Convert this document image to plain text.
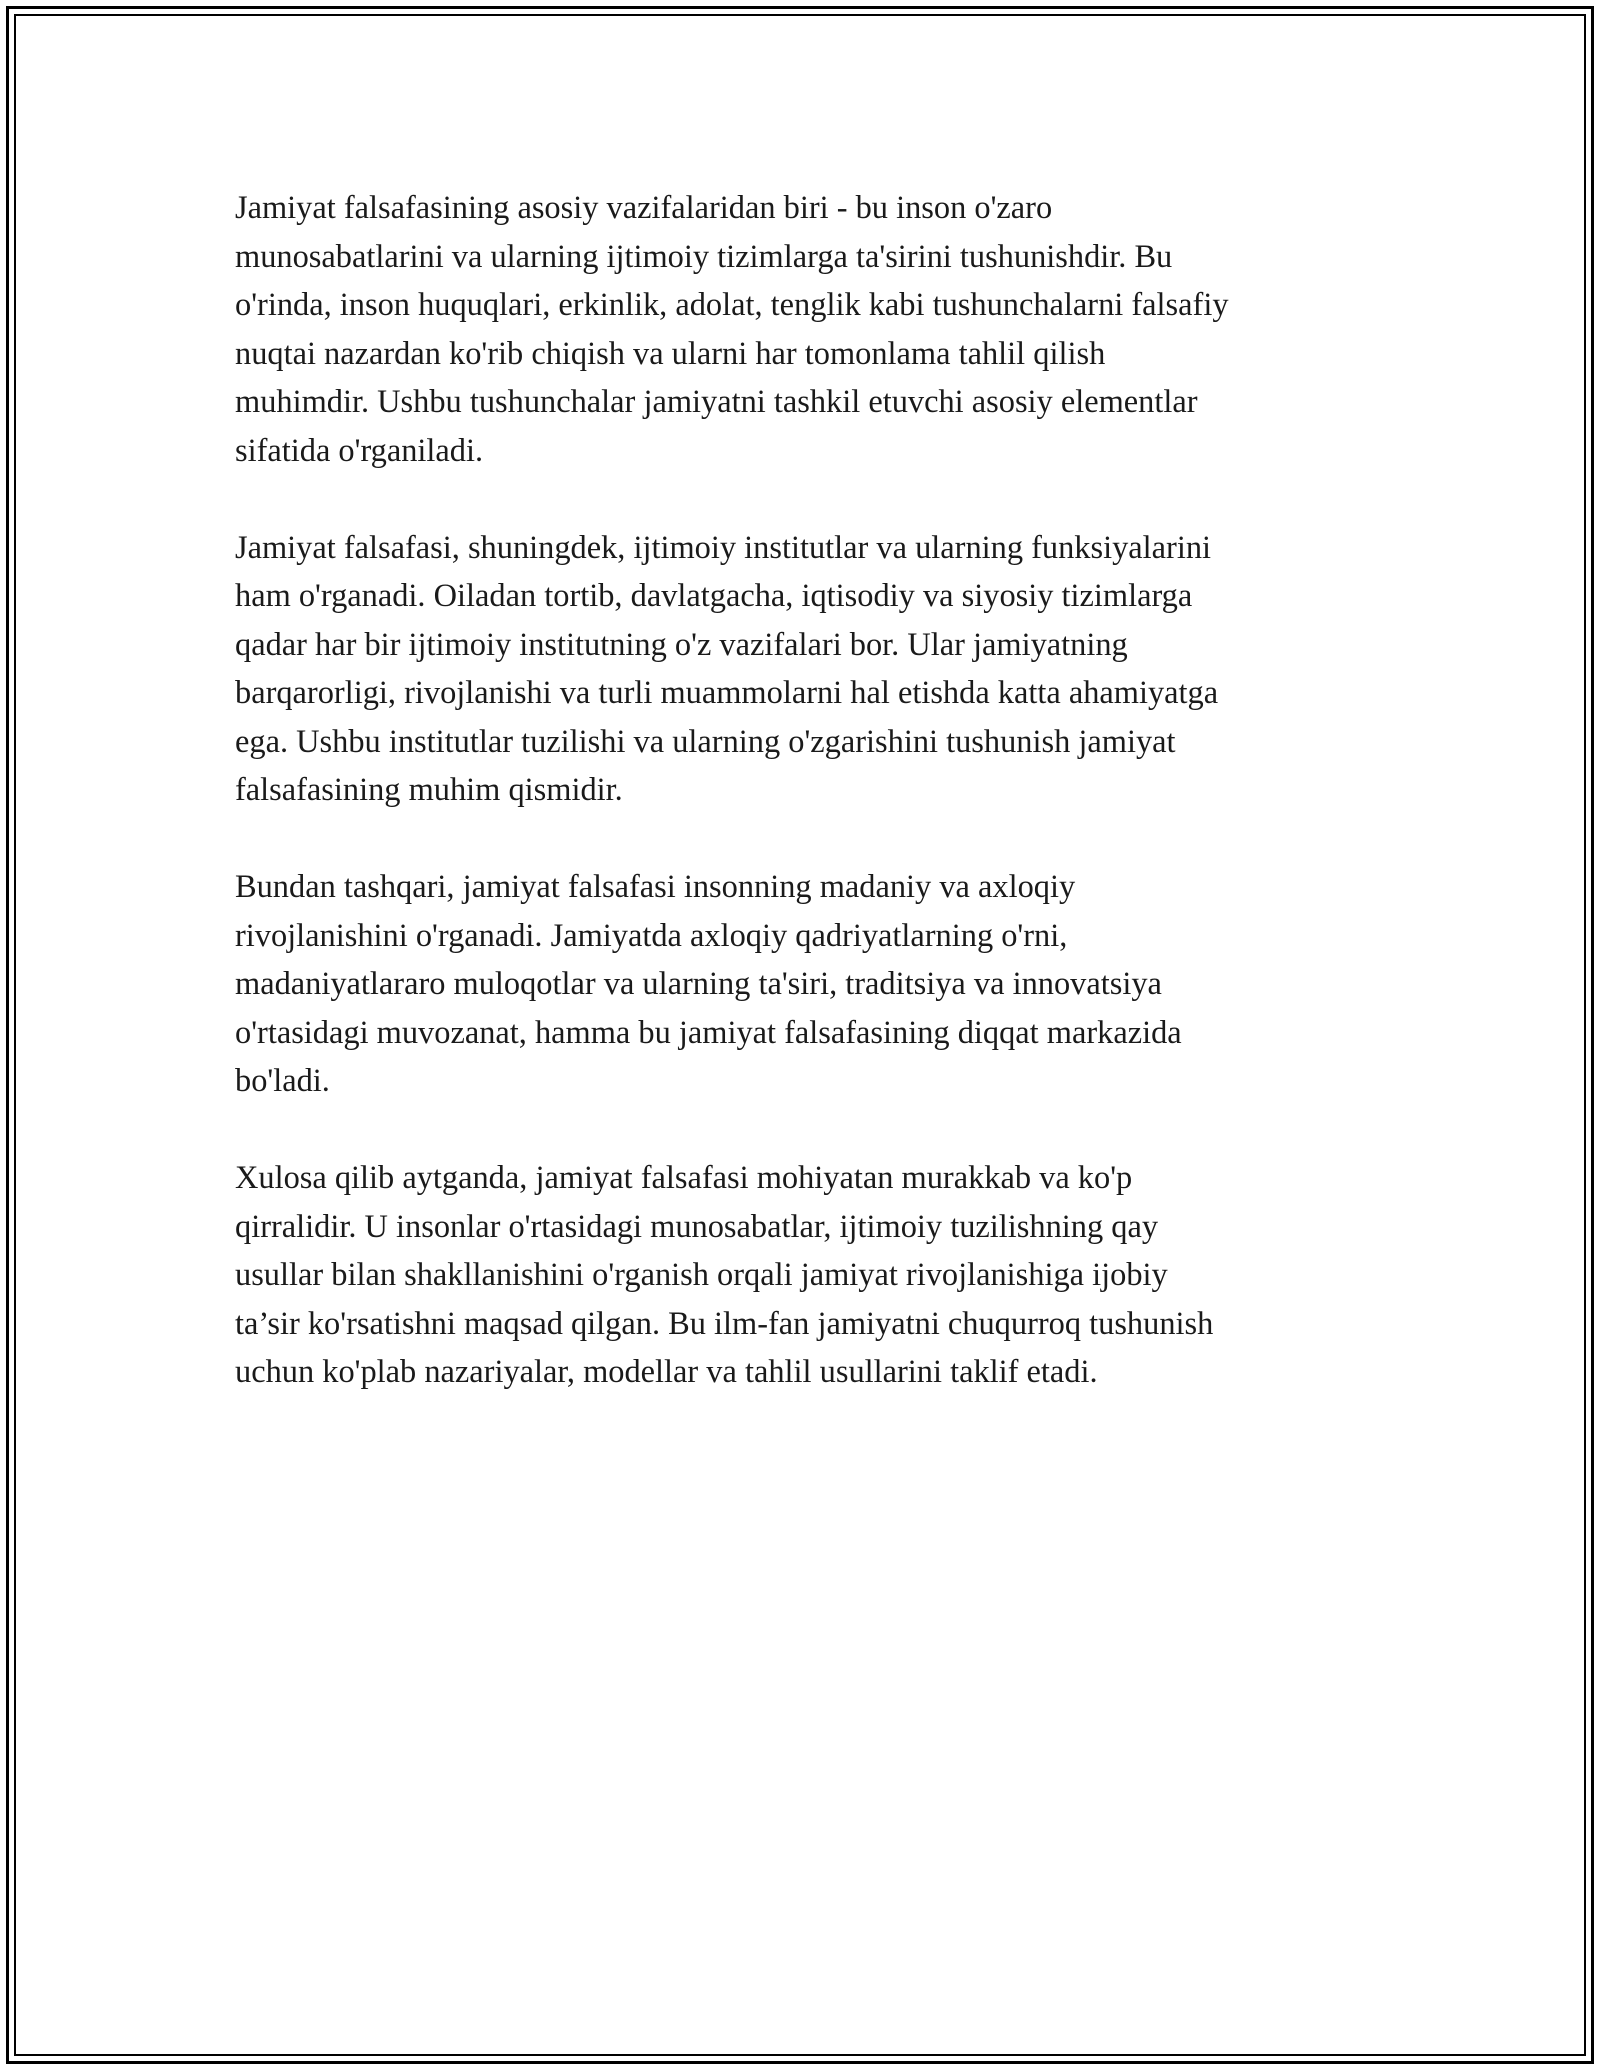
Jamiyat falsafasining asosiy vazifalaridan biri - bu inson o'zaro
munosabatlarini va ularning ijtimoiy tizimlarga ta'sirini tushunishdir. Bu
o'rinda, inson huquqlari, erkinlik, adolat, tenglik kabi tushunchalarni falsafiy
nuqtai nazardan ko'rib chiqish va ularni har tomonlama tahlil qilish
muhimdir. Ushbu tushunchalar jamiyatni tashkil etuvchi asosiy elementlar
sifatida o'rganiladi.

Jamiyat falsafasi, shuningdek, ijtimoiy institutlar va ularning funksiyalarini
ham o'rganadi. Oiladan tortib, davlatgacha, iqtisodiy va siyosiy tizimlarga
qadar har bir ijtimoiy institutning o'z vazifalari bor. Ular jamiyatning
barqarorligi, rivojlanishi va turli muammolarni hal etishda katta ahamiyatga
ega. Ushbu institutlar tuzilishi va ularning o'zgarishini tushunish jamiyat
falsafasining muhim qismidir.

Bundan tashqari, jamiyat falsafasi insonning madaniy va axloqiy
rivojlanishini o'rganadi. Jamiyatda axloqiy qadriyatlarning o'rni,
madaniyatlararo muloqotlar va ularning ta'siri, traditsiya va innovatsiya
o'rtasidagi muvozanat, hamma bu jamiyat falsafasining diqqat markazida
bo'ladi.

Xulosa qilib aytganda, jamiyat falsafasi mohiyatan murakkab va ko'p
qirralidir. U insonlar o'rtasidagi munosabatlar, ijtimoiy tuzilishning qay
usullar bilan shakllanishini o'rganish orqali jamiyat rivojlanishiga ijobiy
ta’sir ko'rsatishni maqsad qilgan. Bu ilm-fan jamiyatni chuqurroq tushunish
uchun ko'plab nazariyalar, modellar va tahlil usullarini taklif etadi.
